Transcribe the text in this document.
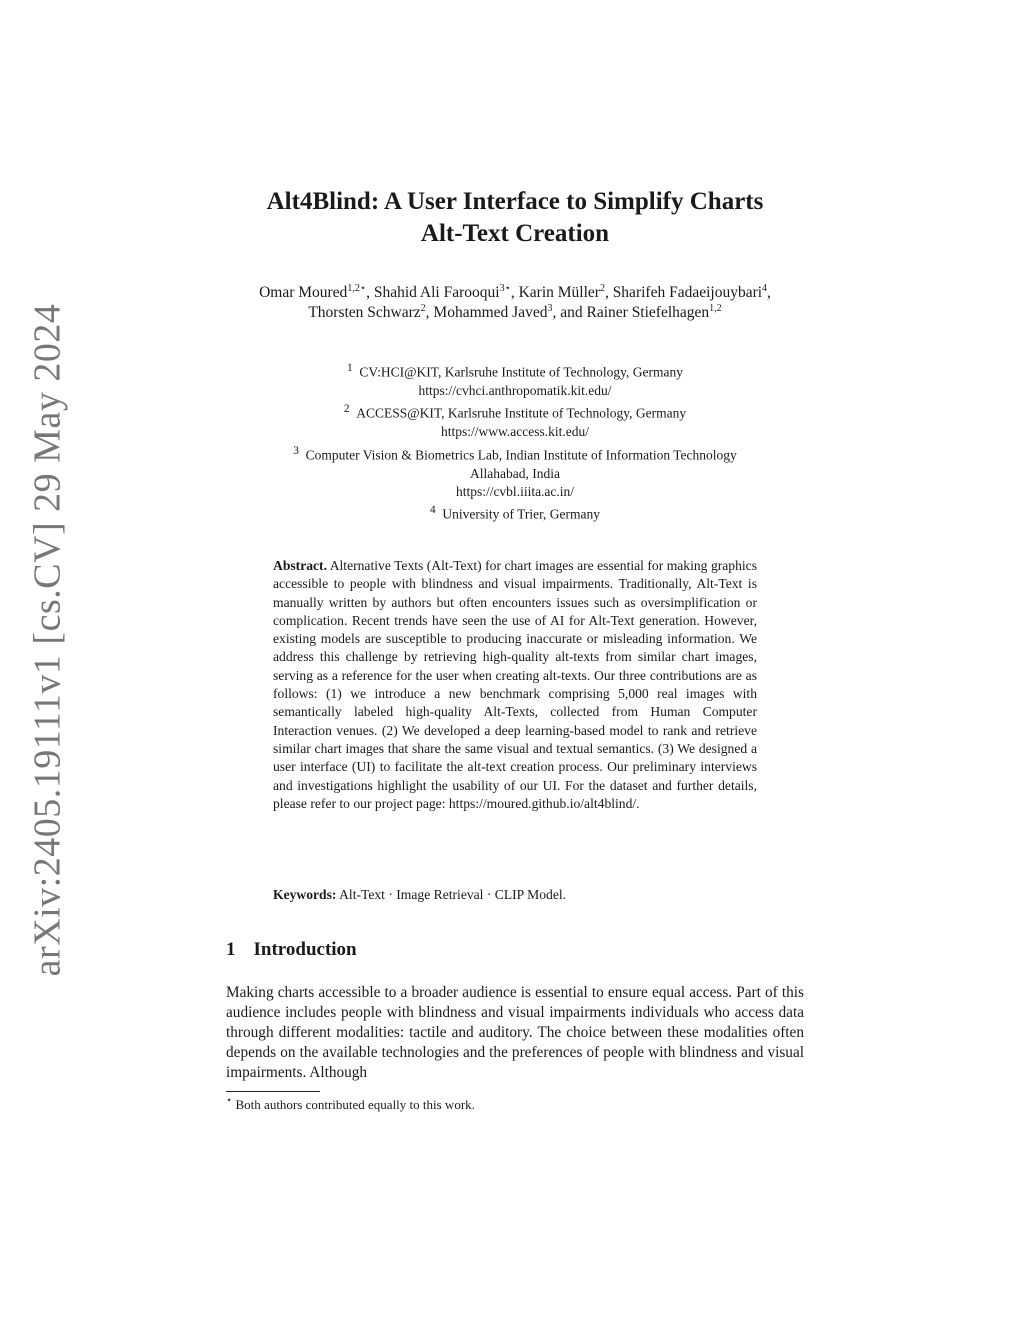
arXiv:2405.19111v1 [cs.CV] 29 May 2024
Alt4Blind: A User Interface to Simplify Charts
Alt-Text Creation
Omar Moured$^{1,2⋆}$, Shahid Ali Farooqui$^{3⋆}$, Karin Müller$^2$, Sharifeh Fadaeijouybari$^4$, Thorsten Schwarz$^2$, Mohammed Javed$^3$, and Rainer Stiefelhagen$^{1,2}$
$^1$ CV:HCI@KIT, Karlsruhe Institute of Technology, Germany
https://cvhci.anthropomatik.kit.edu/
$^2$ ACCESS@KIT, Karlsruhe Institute of Technology, Germany
https://www.access.kit.edu/
$^3$ Computer Vision & Biometrics Lab, Indian Institute of Information Technology
Allahabad, India
https://cvbl.iiita.ac.in/
$^4$ University of Trier, Germany
Abstract. Alternative Texts (Alt-Text) for chart images are essential for making graphics accessible to people with blindness and visual impairments. Traditionally, Alt-Text is manually written by authors but often encounters issues such as oversimplification or complication. Recent trends have seen the use of AI for Alt-Text generation. However, existing models are susceptible to producing inaccurate or misleading information. We address this challenge by retrieving high-quality alt-texts from similar chart images, serving as a reference for the user when creating alt-texts. Our three contributions are as follows: (1) we introduce a new benchmark comprising 5,000 real images with semantically labeled high-quality Alt-Texts, collected from Human Computer Interaction venues. (2) We developed a deep learning-based model to rank and retrieve similar chart images that share the same visual and textual semantics. (3) We designed a user interface (UI) to facilitate the alt-text creation process. Our preliminary interviews and investigations highlight the usability of our UI. For the dataset and further details, please refer to our project page: https://moured.github.io/alt4blind/.
Keywords: Alt-Text · Image Retrieval · CLIP Model.
1 Introduction
Making charts accessible to a broader audience is essential to ensure equal access. Part of this audience includes people with blindness and visual impairments individuals who access data through different modalities: tactile and auditory. The choice between these modalities often depends on the available technologies and the preferences of people with blindness and visual impairments. Although
⋆ Both authors contributed equally to this work.
